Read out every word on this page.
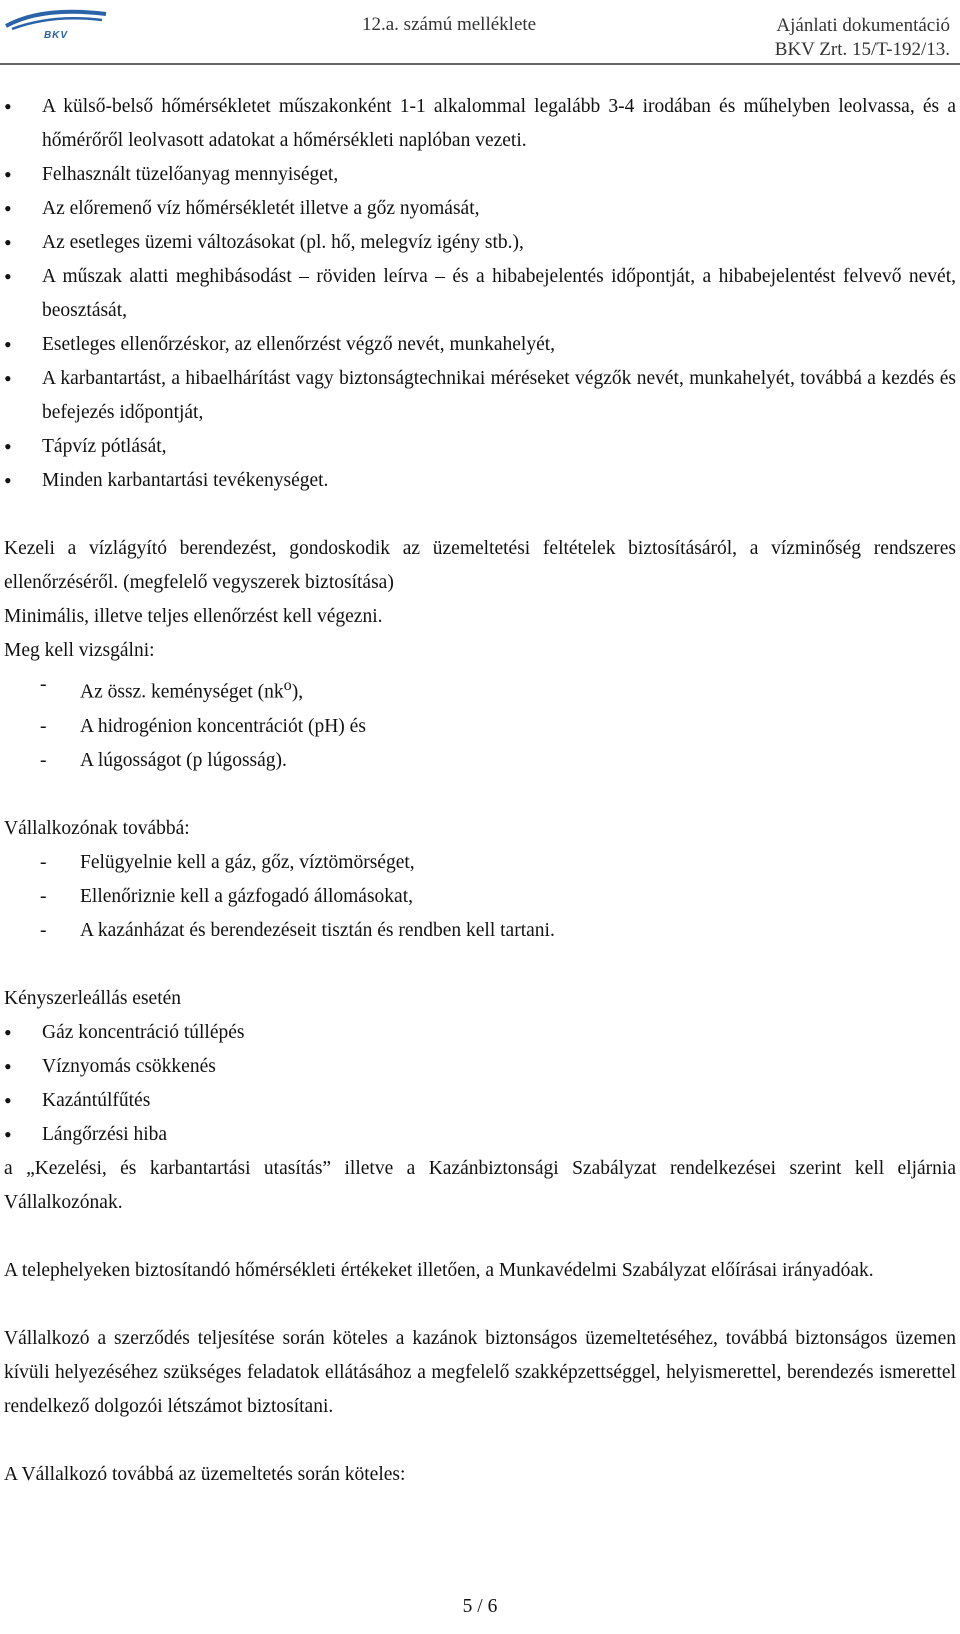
BKV
12.a. számú melléklete	Ajánlati dokumentáció
BKV Zrt. 15/T-192/13.
• A külső-belső hőmérsékletet műszakonként 1-1 alkalommal legalább 3-4 irodában és műhelyben leolvassa, és a hőmérőről leolvasott adatokat a hőmérsékleti naplóban vezeti.
• Felhasznált tüzelőanyag mennyiséget,
• Az előremenő víz hőmérsékletét illetve a gőz nyomását,
• Az esetleges üzemi változásokat (pl. hő, melegvíz igény stb.),
• A műszak alatti meghibásodást – röviden leírva – és a hibabejelentés időpontját, a hibabejelentést felvevő nevét, beosztását,
• Esetleges ellenőrzéskor, az ellenőrzést végző nevét, munkahelyét,
• A karbantartást, a hibaelhárítást vagy biztonságtechnikai méréseket végzők nevét, munkahelyét, továbbá a kezdés és befejezés időpontját,
• Tápvíz pótlását,
• Minden karbantartási tevékenységet.

Kezeli a vízlágyító berendezést, gondoskodik az üzemeltetési feltételek biztosításáról, a vízminőség rendszeres ellenőrzéséről. (megfelelő vegyszerek biztosítása)

Minimális, illetve teljes ellenőrzést kell végezni.

Meg kell vizsgálni:

- Az össz. keménységet $(nk^o)$,
- A hidrogénion koncentrációt (pH) és
- A lúgosságot (p lúgosság).

Vállalkozónak továbbá:

- Felügyelnie kell a gáz, gőz, víztömörséget,
- Ellenőriznie kell a gázfogadó állomásokat,
- A kazánházat és berendezéseit tisztán és rendben kell tartani.

Kényszerleállás esetén

• Gáz koncentráció túllépés
• Víznyomás csökkenés
• Kazántúlfűtés
• Lángőrzési hiba

a „Kezelési, és karbantartási utasítás” illetve a Kazánbiztonsági Szabályzat rendelkezései szerint kell eljárnia Vállalkozónak.

A telephelyeken biztosítandó hőmérsékleti értékeket illetően, a Munkavédelmi Szabályzat előírásai irányadóak.

Vállalkozó a szerződés teljesítése során köteles a kazánok biztonságos üzemeltetéséhez, továbbá biztonságos üzemen kívüli helyezéséhez szükséges feladatok ellátásához a megfelelő szakképzettséggel, helyismerettel, berendezés ismerettel rendelkező dolgozói létszámot biztosítani.

A Vállalkozó továbbá az üzemeltetés során köteles:

5 / 6
